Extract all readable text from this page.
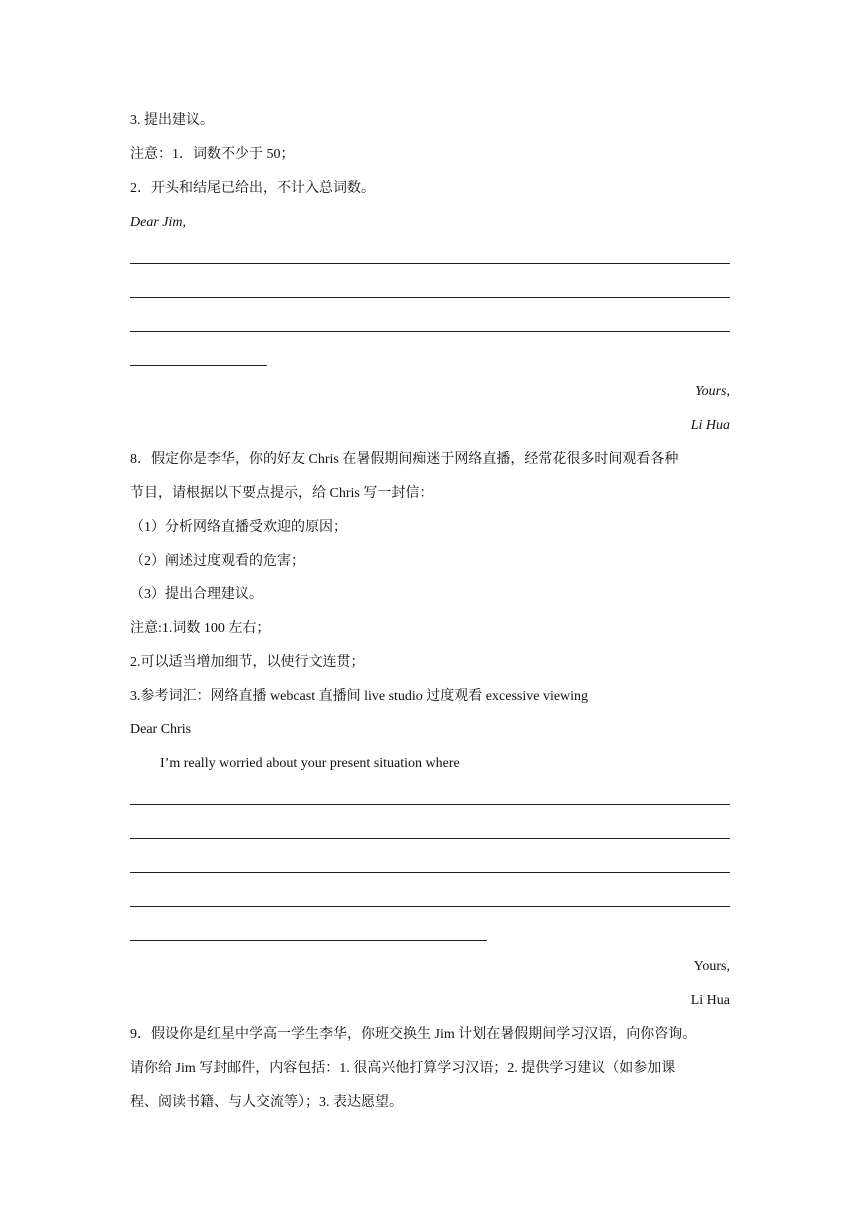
3. 提出建议。
注意：1．词数不少于 50；
2．开头和结尾已给出，不计入总词数。
Dear Jim,
Yours,
Li Hua
8．假定你是李华，你的好友 Chris 在暑假期间痴迷于网络直播，经常花很多时间观看各种
节目，请根据以下要点提示，给 Chris 写一封信：
（1）分析网络直播受欢迎的原因；
（2）阐述过度观看的危害；
（3）提出合理建议。
注意:1.词数 100 左右；
2.可以适当增加细节，以使行文连贯；
3.参考词汇：网络直播 webcast 直播间 live studio 过度观看 excessive viewing
Dear Chris
I’m really worried about your present situation where
Yours,
Li Hua
9．假设你是红星中学高一学生李华，你班交换生 Jim 计划在暑假期间学习汉语，向你咨询。
请你给 Jim 写封邮件，内容包括：1. 很高兴他打算学习汉语；2. 提供学习建议（如参加课
程、阅读书籍、与人交流等）；3. 表达愿望。
